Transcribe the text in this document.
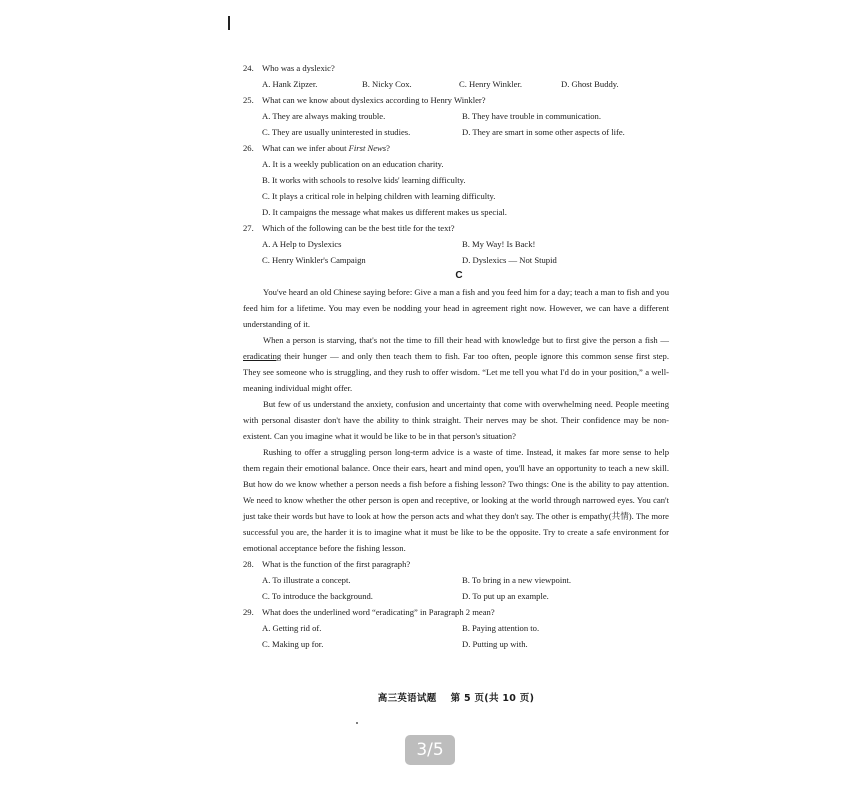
24. Who was a dyslexic?
A. Hank Zipzer.	B. Nicky Cox.	C. Henry Winkler.	D. Ghost Buddy.
25. What can we know about dyslexics according to Henry Winkler?
A. They are always making trouble.	B. They have trouble in communication.
C. They are usually uninterested in studies.	D. They are smart in some other aspects of life.
26. What can we infer about First News?
A. It is a weekly publication on an education charity.
B. It works with schools to resolve kids' learning difficulty.
C. It plays a critical role in helping children with learning difficulty.
D. It campaigns the message what makes us different makes us special.
27. Which of the following can be the best title for the text?
A. A Help to Dyslexics	B. My Way! Is Back!
C. Henry Winkler's Campaign	D. Dyslexics — Not Stupid
C
You've heard an old Chinese saying before: Give a man a fish and you feed him for a day; teach a man to fish and you feed him for a lifetime. You may even be nodding your head in agreement right now. However, we can have a different understanding of it.
When a person is starving, that's not the time to fill their head with knowledge but to first give the person a fish — eradicating their hunger — and only then teach them to fish. Far too often, people ignore this common sense first step. They see someone who is struggling, and they rush to offer wisdom. “Let me tell you what I'd do in your position,” a well-meaning individual might offer.
But few of us understand the anxiety, confusion and uncertainty that come with overwhelming need. People meeting with personal disaster don't have the ability to think straight. Their nerves may be shot. Their confidence may be non-existent. Can you imagine what it would be like to be in that person's situation?
Rushing to offer a struggling person long-term advice is a waste of time. Instead, it makes far more sense to help them regain their emotional balance. Once their ears, heart and mind open, you'll have an opportunity to teach a new skill. But how do we know whether a person needs a fish before a fishing lesson? Two things: One is the ability to pay attention. We need to know whether the other person is open and receptive, or looking at the world through narrowed eyes. You can't just take their words but have to look at how the person acts and what they don't say. The other is empathy(共情). The more successful you are, the harder it is to imagine what it must be like to be the opposite. Try to create a safe environment for emotional acceptance before the fishing lesson.
28. What is the function of the first paragraph?
A. To illustrate a concept.	B. To bring in a new viewpoint.
C. To introduce the background.	D. To put up an example.
29. What does the underlined word “eradicating” in Paragraph 2 mean?
A. Getting rid of.	B. Paying attention to.
C. Making up for.	D. Putting up with.
高三英语试题 第 5 页(共 10 页)
3/5
